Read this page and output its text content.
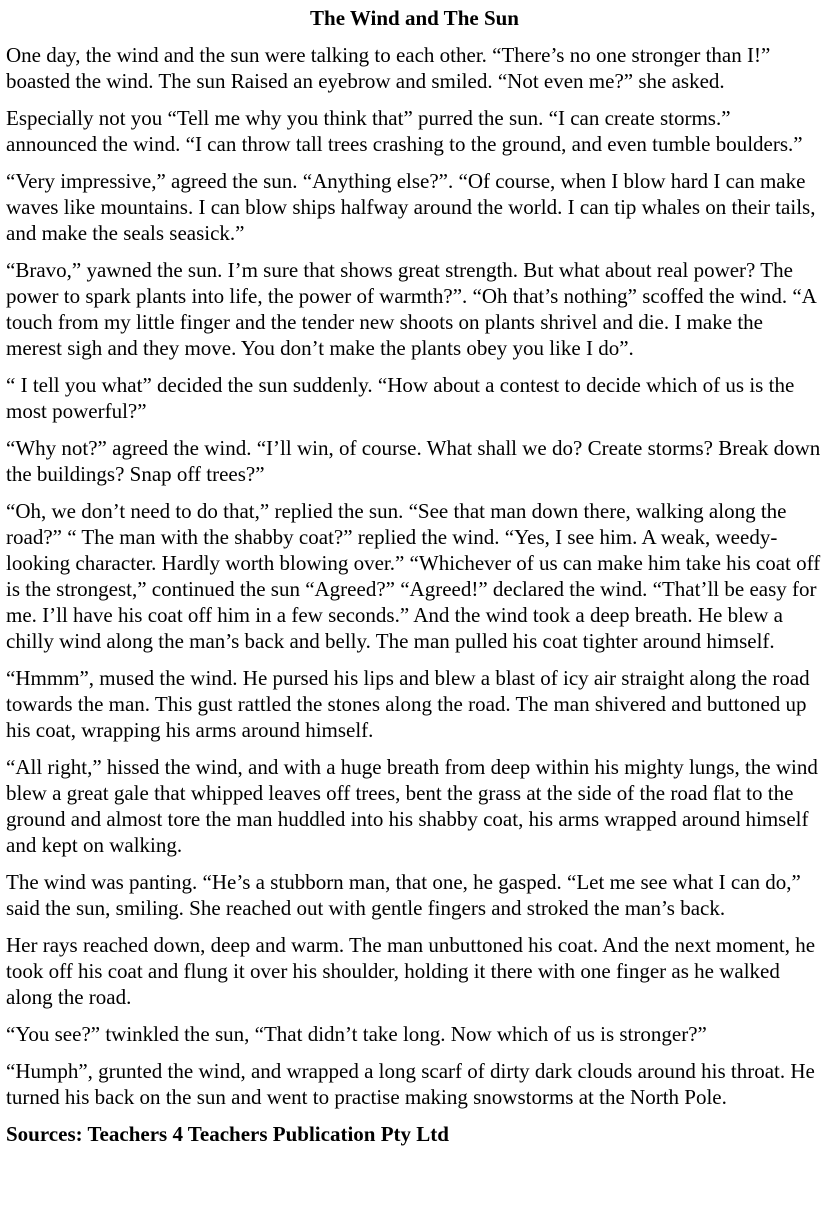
The Wind and The Sun

One day, the wind and the sun were talking to each other. “There’s no one stronger than I!” boasted the wind. The sun Raised an eyebrow and smiled. “Not even me?” she asked.

Especially not you “Tell me why you think that” purred the sun. “I can create storms.” announced the wind. “I can throw tall trees crashing to the ground, and even tumble boulders.”

“Very impressive,” agreed the sun. “Anything else?”. “Of course, when I blow hard I can make waves like mountains. I can blow ships halfway around the world. I can tip whales on their tails, and make the seals seasick.”

“Bravo,” yawned the sun. I’m sure that shows great strength. But what about real power? The power to spark plants into life, the power of warmth?”. “Oh that’s nothing” scoffed the wind. “A touch from my little finger and the tender new shoots on plants shrivel and die. I make the merest sigh and they move. You don’t make the plants obey you like I do”.

“ I tell you what” decided the sun suddenly. “How about a contest to decide which of us is the most powerful?”

“Why not?” agreed the wind. “I’ll win, of course. What shall we do? Create storms? Break down the buildings? Snap off trees?”

“Oh, we don’t need to do that,” replied the sun. “See that man down there, walking along the road?” “ The man with the shabby coat?” replied the wind. “Yes, I see him. A weak, weedy-looking character. Hardly worth blowing over.” “Whichever of us can make him take his coat off is the strongest,” continued the sun “Agreed?” “Agreed!” declared the wind. “That’ll be easy for me. I’ll have his coat off him in a few seconds.” And the wind took a deep breath. He blew a chilly wind along the man’s back and belly. The man pulled his coat tighter around himself.

“Hmmm”, mused the wind. He pursed his lips and blew a blast of icy air straight along the road towards the man. This gust rattled the stones along the road. The man shivered and buttoned up his coat, wrapping his arms around himself.

“All right,” hissed the wind, and with a huge breath from deep within his mighty lungs, the wind blew a great gale that whipped leaves off trees, bent the grass at the side of the road flat to the ground and almost tore the man huddled into his shabby coat, his arms wrapped around himself and kept on walking.

The wind was panting. “He’s a stubborn man, that one, he gasped. “Let me see what I can do,” said the sun, smiling. She reached out with gentle fingers and stroked the man’s back.

Her rays reached down, deep and warm. The man unbuttoned his coat. And the next moment, he took off his coat and flung it over his shoulder, holding it there with one finger as he walked along the road.

“You see?” twinkled the sun, “That didn’t take long. Now which of us is stronger?”

“Humph”, grunted the wind, and wrapped a long scarf of dirty dark clouds around his throat. He turned his back on the sun and went to practise making snowstorms at the North Pole.

Sources: Teachers 4 Teachers Publication Pty Ltd
